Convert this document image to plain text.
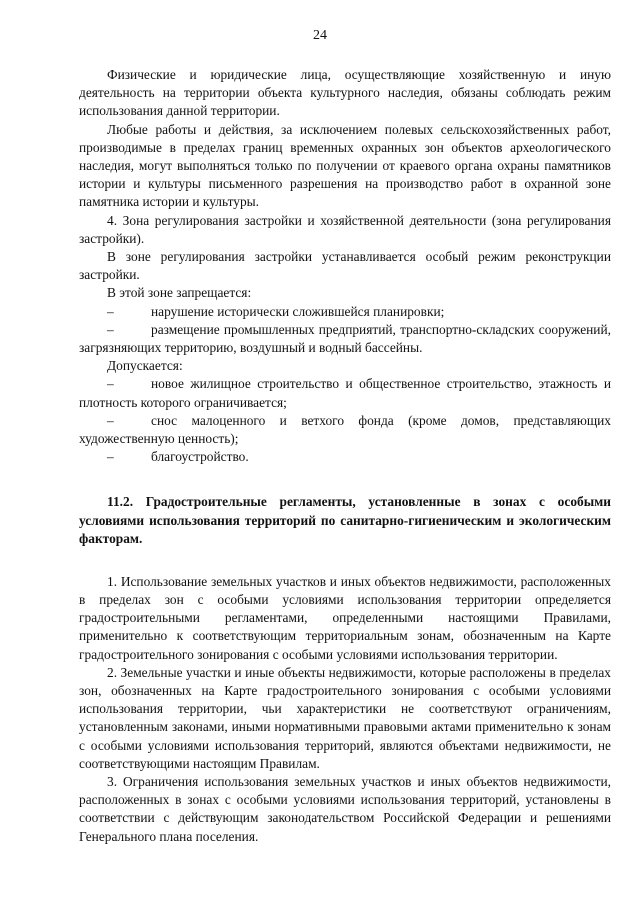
24

Физические и юридические лица, осуществляющие хозяйственную и иную деятельность на территории объекта культурного наследия, обязаны соблюдать режим использования данной территории.

Любые работы и действия, за исключением полевых сельскохозяйственных работ, производимые в пределах границ временных охранных зон объектов археологического наследия, могут выполняться только по получении от краевого органа охраны памятников истории и культуры письменного разрешения на производство работ в охранной зоне памятника истории и культуры.

4. Зона регулирования застройки и хозяйственной деятельности (зона регулирования застройки).

В зоне регулирования застройки устанавливается особый режим реконструкции застройки.

В этой зоне запрещается:

–	нарушение исторически сложившейся планировки;

–	размещение промышленных предприятий, транспортно-складских сооружений, загрязняющих территорию, воздушный и водный бассейны.

Допускается:

–	новое жилищное строительство и общественное строительство, этажность и плотность которого ограничивается;

–	снос малоценного и ветхого фонда (кроме домов, представляющих художественную ценность);

–	благоустройство.

11.2. Градостроительные регламенты, установленные в зонах с особыми условиями использования территорий по санитарно-гигиеническим и экологическим факторам.

1. Использование земельных участков и иных объектов недвижимости, расположенных в пределах зон с особыми условиями использования территории определяется градостроительными регламентами, определенными настоящими Правилами, применительно к соответствующим территориальным зонам, обозначенным на Карте градостроительного зонирования с особыми условиями использования территории.

2. Земельные участки и иные объекты недвижимости, которые расположены в пределах зон, обозначенных на Карте градостроительного зонирования с особыми условиями использования территории, чьи характеристики не соответствуют ограничениям, установленным законами, иными нормативными правовыми актами применительно к зонам с особыми условиями использования территорий, являются объектами недвижимости, не соответствующими настоящим Правилам.

3. Ограничения использования земельных участков и иных объектов недвижимости, расположенных в зонах с особыми условиями использования территорий, установлены в соответствии с действующим законодательством Российской Федерации и решениями Генерального плана поселения.
